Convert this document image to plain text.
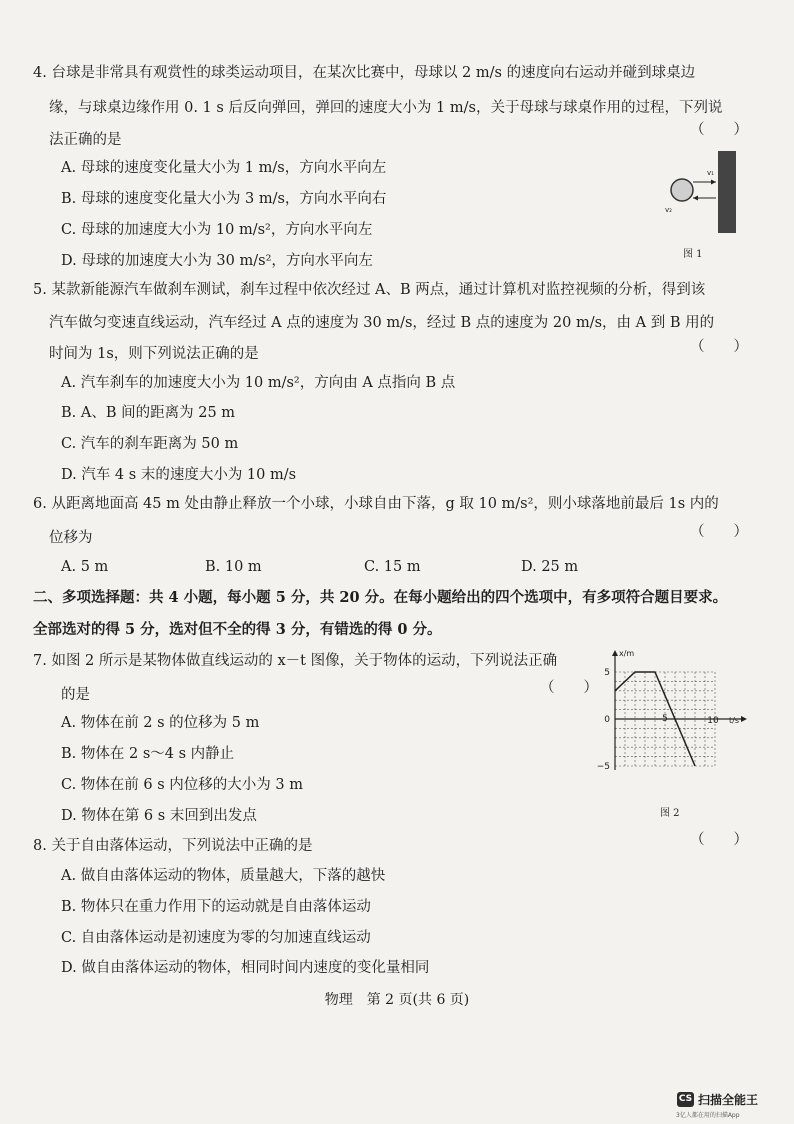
4. 台球是非常具有观赏性的球类运动项目，在某次比赛中，母球以 2 m/s 的速度向右运动并碰到球桌边
缘，与球桌边缘作用 0. 1 s 后反向弹回，弹回的速度大小为 1 m/s，关于母球与球桌作用的过程，下列说
法正确的是
（　　）
A. 母球的速度变化量大小为 1 m/s，方向水平向左
B. 母球的速度变化量大小为 3 m/s，方向水平向右
C. 母球的加速度大小为 10 m/s²，方向水平向左
D. 母球的加速度大小为 30 m/s²，方向水平向左
v₁
v₂
图 1
5. 某款新能源汽车做刹车测试，刹车过程中依次经过 A、B 两点，通过计算机对监控视频的分析，得到该
汽车做匀变速直线运动，汽车经过 A 点的速度为 30 m/s，经过 B 点的速度为 20 m/s，由 A 到 B 用的
时间为 1s，则下列说法正确的是	（　　）
A. 汽车刹车的加速度大小为 10 m/s²，方向由 A 点指向 B 点
B. A、B 间的距离为 25 m
C. 汽车的刹车距离为 50 m
D. 汽车 4 s 末的速度大小为 10 m/s
6. 从距离地面高 45 m 处由静止释放一个小球，小球自由下落，g 取 10 m/s²，则小球落地前最后 1s 内的
位移为	（　　）
A. 5 m	B. 10 m	C. 15 m	D. 25 m
二、多项选择题：共 4 小题，每小题 5 分，共 20 分。在每小题给出的四个选项中，有多项符合题目要求。
全部选对的得 5 分，选对但不全的得 3 分，有错选的得 0 分。
7. 如图 2 所示是某物体做直线运动的 x－t 图像，关于物体的运动，下列说法正确
的是	（　　）
A. 物体在前 2 s 的位移为 5 m
B. 物体在 2 s～4 s 内静止
C. 物体在前 6 s 内位移的大小为 3 m
D. 物体在第 6 s 末回到出发点
x/m
t/s
5
0
−5
5	10
图 2
8. 关于自由落体运动，下列说法中正确的是	（　　）
A. 做自由落体运动的物体，质量越大，下落的越快
B. 物体只在重力作用下的运动就是自由落体运动
C. 自由落体运动是初速度为零的匀加速直线运动
D. 做自由落体运动的物体，相同时间内速度的变化量相同
物理　第 2 页(共 6 页)
CS 扫描全能王
3亿人都在用的扫描App
